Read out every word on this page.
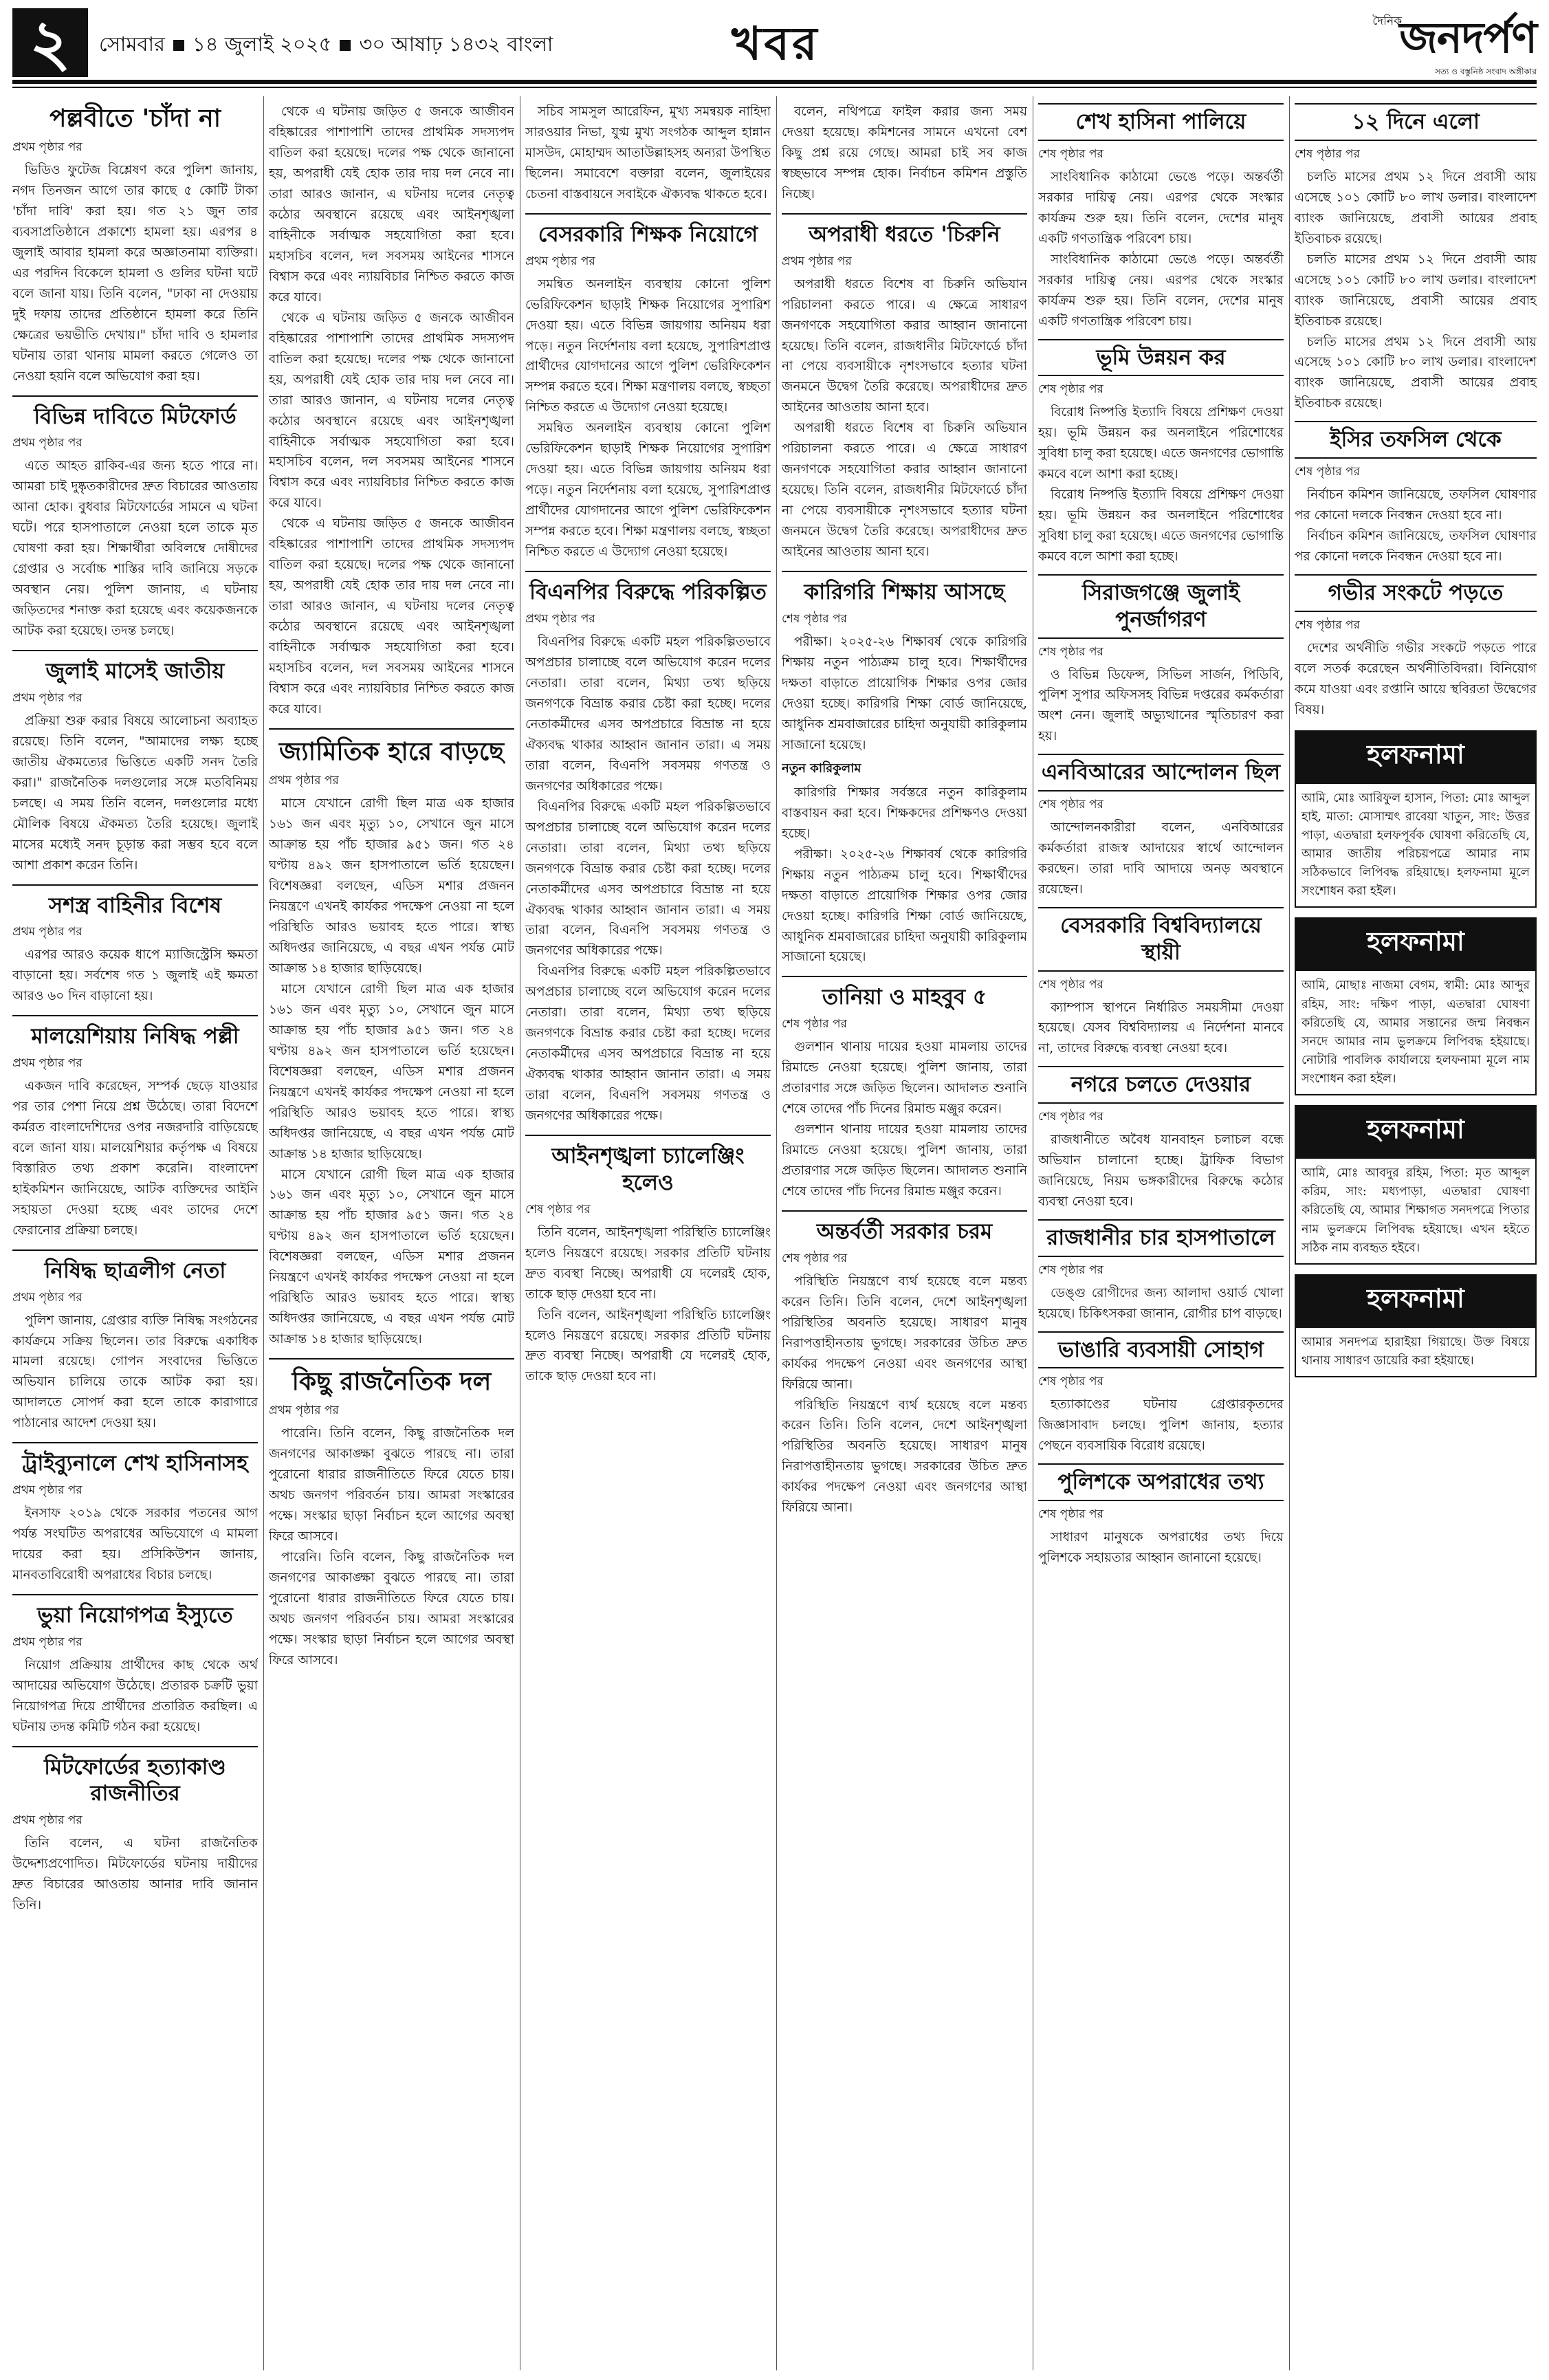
২	সোমবার ১৪ জুলাই ২০২৫ ৩০ আষাঢ় ১৪৩২ বাংলা	খবর	দৈনিক
জনদর্পণ
সত্য ও বস্তুনিষ্ঠ সংবাদ অঙ্গীকার
পল্লবীতে 'চাঁদা না
প্রথম পৃষ্ঠার পর

ভিডিও ফুটেজ বিশ্লেষণ করে পুলিশ জানায়, নগদ তিনজন আগে তার কাছে ৫ কোটি টাকা 'চাঁদা দাবি' করা হয়। গত ২১ জুন তার ব্যবসাপ্রতিষ্ঠানে প্রকাশ্যে হামলা হয়। এরপর ৪ জুলাই আবার হামলা করে অজ্ঞাতনামা ব্যক্তিরা। এর পরদিন বিকেলে হামলা ও গুলির ঘটনা ঘটে বলে জানা যায়। তিনি বলেন, "ঢাকা না দেওয়ায় দুই দফায় তাদের প্রতিষ্ঠানে হামলা করে তিনি ক্ষেত্রের ভয়ভীতি দেখায়।" চাঁদা দাবি ও হামলার ঘটনায় তারা থানায় মামলা করতে গেলেও তা নেওয়া হয়নি বলে অভিযোগ করা হয়।

বিভিন্ন দাবিতে মিটফোর্ড
প্রথম পৃষ্ঠার পর

এতে আহত রাকিব-এর জন্য হতে পারে না। আমরা চাই দুষ্কৃতকারীদের দ্রুত বিচারের আওতায় আনা হোক। বুধবার মিটফোর্ডের সামনে এ ঘটনা ঘটে। পরে হাসপাতালে নেওয়া হলে তাকে মৃত ঘোষণা করা হয়। শিক্ষার্থীরা অবিলম্বে দোষীদের গ্রেপ্তার ও সর্বোচ্চ শাস্তির দাবি জানিয়ে সড়কে অবস্থান নেয়। পুলিশ জানায়, এ ঘটনায় জড়িতদের শনাক্ত করা হয়েছে এবং কয়েকজনকে আটক করা হয়েছে। তদন্ত চলছে।

জুলাই মাসেই জাতীয়
প্রথম পৃষ্ঠার পর

প্রক্রিয়া শুরু করার বিষয়ে আলোচনা অব্যাহত রয়েছে। তিনি বলেন, "আমাদের লক্ষ্য হচ্ছে জাতীয় ঐকমত্যের ভিত্তিতে একটি সনদ তৈরি করা।" রাজনৈতিক দলগুলোর সঙ্গে মতবিনিময় চলছে। এ সময় তিনি বলেন, দলগুলোর মধ্যে মৌলিক বিষয়ে ঐকমত্য তৈরি হয়েছে। জুলাই মাসের মধ্যেই সনদ চূড়ান্ত করা সম্ভব হবে বলে আশা প্রকাশ করেন তিনি।

সশস্ত্র বাহিনীর বিশেষ
প্রথম পৃষ্ঠার পর

এরপর আরও কয়েক ধাপে ম্যাজিস্ট্রেসি ক্ষমতা বাড়ানো হয়। সর্বশেষ গত ১ জুলাই এই ক্ষমতা আরও ৬০ দিন বাড়ানো হয়।

মালয়েশিয়ায় নিষিদ্ধ পল্লী
প্রথম পৃষ্ঠার পর

একজন দাবি করেছেন, সম্পর্ক ছেড়ে যাওয়ার পর তার পেশা নিয়ে প্রশ্ন উঠেছে। তারা বিদেশে কর্মরত বাংলাদেশিদের ওপর নজরদারি বাড়িয়েছে বলে জানা যায়। মালয়েশিয়ার কর্তৃপক্ষ এ বিষয়ে বিস্তারিত তথ্য প্রকাশ করেনি। বাংলাদেশ হাইকমিশন জানিয়েছে, আটক ব্যক্তিদের আইনি সহায়তা দেওয়া হচ্ছে এবং তাদের দেশে ফেরানোর প্রক্রিয়া চলছে।

নিষিদ্ধ ছাত্রলীগ নেতা
প্রথম পৃষ্ঠার পর

পুলিশ জানায়, গ্রেপ্তার ব্যক্তি নিষিদ্ধ সংগঠনের কার্যক্রমে সক্রিয় ছিলেন। তার বিরুদ্ধে একাধিক মামলা রয়েছে। গোপন সংবাদের ভিত্তিতে অভিযান চালিয়ে তাকে আটক করা হয়। আদালতে সোপর্দ করা হলে তাকে কারাগারে পাঠানোর আদেশ দেওয়া হয়।

ট্রাইব্যুনালে শেখ হাসিনাসহ
প্রথম পৃষ্ঠার পর

ইনসাফ ২০১৯ থেকে সরকার পতনের আগ পর্যন্ত সংঘটিত অপরাধের অভিযোগে এ মামলা দায়ের করা হয়। প্রসিকিউশন জানায়, মানবতাবিরোধী অপরাধের বিচার চলছে।

ভুয়া নিয়োগপত্র ইস্যুতে
প্রথম পৃষ্ঠার পর

নিয়োগ প্রক্রিয়ায় প্রার্থীদের কাছ থেকে অর্থ আদায়ের অভিযোগ উঠেছে। প্রতারক চক্রটি ভুয়া নিয়োগপত্র দিয়ে প্রার্থীদের প্রতারিত করছিল। এ ঘটনায় তদন্ত কমিটি গঠন করা হয়েছে।

মিটফোর্ডের হত্যাকাণ্ড রাজনীতির
প্রথম পৃষ্ঠার পর

তিনি বলেন, এ ঘটনা রাজনৈতিক উদ্দেশ্যপ্রণোদিত। মিটফোর্ডের ঘটনায় দায়ীদের দ্রুত বিচারের আওতায় আনার দাবি জানান তিনি।

থেকে এ ঘটনায় জড়িত ৫ জনকে আজীবন বহিষ্কারের পাশাপাশি তাদের প্রাথমিক সদস্যপদ বাতিল করা হয়েছে। দলের পক্ষ থেকে জানানো হয়, অপরাধী যেই হোক তার দায় দল নেবে না। তারা আরও জানান, এ ঘটনায় দলের নেতৃত্ব কঠোর অবস্থানে রয়েছে এবং আইনশৃঙ্খলা বাহিনীকে সর্বাত্মক সহযোগিতা করা হবে। মহাসচিব বলেন, দল সবসময় আইনের শাসনে বিশ্বাস করে এবং ন্যায়বিচার নিশ্চিত করতে কাজ করে যাবে।

থেকে এ ঘটনায় জড়িত ৫ জনকে আজীবন বহিষ্কারের পাশাপাশি তাদের প্রাথমিক সদস্যপদ বাতিল করা হয়েছে। দলের পক্ষ থেকে জানানো হয়, অপরাধী যেই হোক তার দায় দল নেবে না। তারা আরও জানান, এ ঘটনায় দলের নেতৃত্ব কঠোর অবস্থানে রয়েছে এবং আইনশৃঙ্খলা বাহিনীকে সর্বাত্মক সহযোগিতা করা হবে। মহাসচিব বলেন, দল সবসময় আইনের শাসনে বিশ্বাস করে এবং ন্যায়বিচার নিশ্চিত করতে কাজ করে যাবে।

থেকে এ ঘটনায় জড়িত ৫ জনকে আজীবন বহিষ্কারের পাশাপাশি তাদের প্রাথমিক সদস্যপদ বাতিল করা হয়েছে। দলের পক্ষ থেকে জানানো হয়, অপরাধী যেই হোক তার দায় দল নেবে না। তারা আরও জানান, এ ঘটনায় দলের নেতৃত্ব কঠোর অবস্থানে রয়েছে এবং আইনশৃঙ্খলা বাহিনীকে সর্বাত্মক সহযোগিতা করা হবে। মহাসচিব বলেন, দল সবসময় আইনের শাসনে বিশ্বাস করে এবং ন্যায়বিচার নিশ্চিত করতে কাজ করে যাবে।

জ্যামিতিক হারে বাড়ছে
প্রথম পৃষ্ঠার পর

মাসে যেখানে রোগী ছিল মাত্র এক হাজার ১৬১ জন এবং মৃত্যু ১০, সেখানে জুন মাসে আক্রান্ত হয় পাঁচ হাজার ৯৫১ জন। গত ২৪ ঘণ্টায় ৪৯২ জন হাসপাতালে ভর্তি হয়েছেন। বিশেষজ্ঞরা বলছেন, এডিস মশার প্রজনন নিয়ন্ত্রণে এখনই কার্যকর পদক্ষেপ নেওয়া না হলে পরিস্থিতি আরও ভয়াবহ হতে পারে। স্বাস্থ্য অধিদপ্তর জানিয়েছে, এ বছর এখন পর্যন্ত মোট আক্রান্ত ১৪ হাজার ছাড়িয়েছে।

মাসে যেখানে রোগী ছিল মাত্র এক হাজার ১৬১ জন এবং মৃত্যু ১০, সেখানে জুন মাসে আক্রান্ত হয় পাঁচ হাজার ৯৫১ জন। গত ২৪ ঘণ্টায় ৪৯২ জন হাসপাতালে ভর্তি হয়েছেন। বিশেষজ্ঞরা বলছেন, এডিস মশার প্রজনন নিয়ন্ত্রণে এখনই কার্যকর পদক্ষেপ নেওয়া না হলে পরিস্থিতি আরও ভয়াবহ হতে পারে। স্বাস্থ্য অধিদপ্তর জানিয়েছে, এ বছর এখন পর্যন্ত মোট আক্রান্ত ১৪ হাজার ছাড়িয়েছে।

মাসে যেখানে রোগী ছিল মাত্র এক হাজার ১৬১ জন এবং মৃত্যু ১০, সেখানে জুন মাসে আক্রান্ত হয় পাঁচ হাজার ৯৫১ জন। গত ২৪ ঘণ্টায় ৪৯২ জন হাসপাতালে ভর্তি হয়েছেন। বিশেষজ্ঞরা বলছেন, এডিস মশার প্রজনন নিয়ন্ত্রণে এখনই কার্যকর পদক্ষেপ নেওয়া না হলে পরিস্থিতি আরও ভয়াবহ হতে পারে। স্বাস্থ্য অধিদপ্তর জানিয়েছে, এ বছর এখন পর্যন্ত মোট আক্রান্ত ১৪ হাজার ছাড়িয়েছে।

কিছু রাজনৈতিক দল
প্রথম পৃষ্ঠার পর

পারেনি। তিনি বলেন, কিছু রাজনৈতিক দল জনগণের আকাঙ্ক্ষা বুঝতে পারছে না। তারা পুরোনো ধারার রাজনীতিতে ফিরে যেতে চায়। অথচ জনগণ পরিবর্তন চায়। আমরা সংস্কারের পক্ষে। সংস্কার ছাড়া নির্বাচন হলে আগের অবস্থা ফিরে আসবে।

পারেনি। তিনি বলেন, কিছু রাজনৈতিক দল জনগণের আকাঙ্ক্ষা বুঝতে পারছে না। তারা পুরোনো ধারার রাজনীতিতে ফিরে যেতে চায়। অথচ জনগণ পরিবর্তন চায়। আমরা সংস্কারের পক্ষে। সংস্কার ছাড়া নির্বাচন হলে আগের অবস্থা ফিরে আসবে।

সচিব সামসুল আরেফিন, মুখ্য সমন্বয়ক নাহিদা সারওয়ার নিভা, যুগ্ম মুখ্য সংগঠক আব্দুল হান্নান মাসউদ, মোহাম্মদ আতাউল্লাহসহ অন্যরা উপস্থিত ছিলেন। সমাবেশে বক্তারা বলেন, জুলাইয়ের চেতনা বাস্তবায়নে সবাইকে ঐক্যবদ্ধ থাকতে হবে।

বেসরকারি শিক্ষক নিয়োগে
প্রথম পৃষ্ঠার পর

সমন্বিত অনলাইন ব্যবস্থায় কোনো পুলিশ ভেরিফিকেশন ছাড়াই শিক্ষক নিয়োগের সুপারিশ দেওয়া হয়। এতে বিভিন্ন জায়গায় অনিয়ম ধরা পড়ে। নতুন নির্দেশনায় বলা হয়েছে, সুপারিশপ্রাপ্ত প্রার্থীদের যোগদানের আগে পুলিশ ভেরিফিকেশন সম্পন্ন করতে হবে। শিক্ষা মন্ত্রণালয় বলছে, স্বচ্ছতা নিশ্চিত করতে এ উদ্যোগ নেওয়া হয়েছে।

সমন্বিত অনলাইন ব্যবস্থায় কোনো পুলিশ ভেরিফিকেশন ছাড়াই শিক্ষক নিয়োগের সুপারিশ দেওয়া হয়। এতে বিভিন্ন জায়গায় অনিয়ম ধরা পড়ে। নতুন নির্দেশনায় বলা হয়েছে, সুপারিশপ্রাপ্ত প্রার্থীদের যোগদানের আগে পুলিশ ভেরিফিকেশন সম্পন্ন করতে হবে। শিক্ষা মন্ত্রণালয় বলছে, স্বচ্ছতা নিশ্চিত করতে এ উদ্যোগ নেওয়া হয়েছে।

বিএনপির বিরুদ্ধে পরিকল্পিত
প্রথম পৃষ্ঠার পর

বিএনপির বিরুদ্ধে একটি মহল পরিকল্পিতভাবে অপপ্রচার চালাচ্ছে বলে অভিযোগ করেন দলের নেতারা। তারা বলেন, মিথ্যা তথ্য ছড়িয়ে জনগণকে বিভ্রান্ত করার চেষ্টা করা হচ্ছে। দলের নেতাকর্মীদের এসব অপপ্রচারে বিভ্রান্ত না হয়ে ঐক্যবদ্ধ থাকার আহ্বান জানান তারা। এ সময় তারা বলেন, বিএনপি সবসময় গণতন্ত্র ও জনগণের অধিকারের পক্ষে।

বিএনপির বিরুদ্ধে একটি মহল পরিকল্পিতভাবে অপপ্রচার চালাচ্ছে বলে অভিযোগ করেন দলের নেতারা। তারা বলেন, মিথ্যা তথ্য ছড়িয়ে জনগণকে বিভ্রান্ত করার চেষ্টা করা হচ্ছে। দলের নেতাকর্মীদের এসব অপপ্রচারে বিভ্রান্ত না হয়ে ঐক্যবদ্ধ থাকার আহ্বান জানান তারা। এ সময় তারা বলেন, বিএনপি সবসময় গণতন্ত্র ও জনগণের অধিকারের পক্ষে।

বিএনপির বিরুদ্ধে একটি মহল পরিকল্পিতভাবে অপপ্রচার চালাচ্ছে বলে অভিযোগ করেন দলের নেতারা। তারা বলেন, মিথ্যা তথ্য ছড়িয়ে জনগণকে বিভ্রান্ত করার চেষ্টা করা হচ্ছে। দলের নেতাকর্মীদের এসব অপপ্রচারে বিভ্রান্ত না হয়ে ঐক্যবদ্ধ থাকার আহ্বান জানান তারা। এ সময় তারা বলেন, বিএনপি সবসময় গণতন্ত্র ও জনগণের অধিকারের পক্ষে।

আইনশৃঙ্খলা চ্যালেঞ্জিং হলেও
শেষ পৃষ্ঠার পর

তিনি বলেন, আইনশৃঙ্খলা পরিস্থিতি চ্যালেঞ্জিং হলেও নিয়ন্ত্রণে রয়েছে। সরকার প্রতিটি ঘটনায় দ্রুত ব্যবস্থা নিচ্ছে। অপরাধী যে দলেরই হোক, তাকে ছাড় দেওয়া হবে না।

তিনি বলেন, আইনশৃঙ্খলা পরিস্থিতি চ্যালেঞ্জিং হলেও নিয়ন্ত্রণে রয়েছে। সরকার প্রতিটি ঘটনায় দ্রুত ব্যবস্থা নিচ্ছে। অপরাধী যে দলেরই হোক, তাকে ছাড় দেওয়া হবে না।

বলেন, নথিপত্রে ফাইল করার জন্য সময় দেওয়া হয়েছে। কমিশনের সামনে এখনো বেশ কিছু প্রশ্ন রয়ে গেছে। আমরা চাই সব কাজ স্বচ্ছভাবে সম্পন্ন হোক। নির্বাচন কমিশন প্রস্তুতি নিচ্ছে।

অপরাধী ধরতে 'চিরুনি
প্রথম পৃষ্ঠার পর

অপরাধী ধরতে বিশেষ বা চিরুনি অভিযান পরিচালনা করতে পারে। এ ক্ষেত্রে সাধারণ জনগণকে সহযোগিতা করার আহ্বান জানানো হয়েছে। তিনি বলেন, রাজধানীর মিটফোর্ডে চাঁদা না পেয়ে ব্যবসায়ীকে নৃশংসভাবে হত্যার ঘটনা জনমনে উদ্বেগ তৈরি করেছে। অপরাধীদের দ্রুত আইনের আওতায় আনা হবে।

অপরাধী ধরতে বিশেষ বা চিরুনি অভিযান পরিচালনা করতে পারে। এ ক্ষেত্রে সাধারণ জনগণকে সহযোগিতা করার আহ্বান জানানো হয়েছে। তিনি বলেন, রাজধানীর মিটফোর্ডে চাঁদা না পেয়ে ব্যবসায়ীকে নৃশংসভাবে হত্যার ঘটনা জনমনে উদ্বেগ তৈরি করেছে। অপরাধীদের দ্রুত আইনের আওতায় আনা হবে।

কারিগরি শিক্ষায় আসছে
শেষ পৃষ্ঠার পর

পরীক্ষা। ২০২৫-২৬ শিক্ষাবর্ষ থেকে কারিগরি শিক্ষায় নতুন পাঠ্যক্রম চালু হবে। শিক্ষার্থীদের দক্ষতা বাড়াতে প্রায়োগিক শিক্ষার ওপর জোর দেওয়া হচ্ছে। কারিগরি শিক্ষা বোর্ড জানিয়েছে, আধুনিক শ্রমবাজারের চাহিদা অনুযায়ী কারিকুলাম সাজানো হয়েছে।

নতুন কারিকুলাম

কারিগরি শিক্ষার সর্বস্তরে নতুন কারিকুলাম বাস্তবায়ন করা হবে। শিক্ষকদের প্রশিক্ষণও দেওয়া হচ্ছে।

পরীক্ষা। ২০২৫-২৬ শিক্ষাবর্ষ থেকে কারিগরি শিক্ষায় নতুন পাঠ্যক্রম চালু হবে। শিক্ষার্থীদের দক্ষতা বাড়াতে প্রায়োগিক শিক্ষার ওপর জোর দেওয়া হচ্ছে। কারিগরি শিক্ষা বোর্ড জানিয়েছে, আধুনিক শ্রমবাজারের চাহিদা অনুযায়ী কারিকুলাম সাজানো হয়েছে।

তানিয়া ও মাহবুব ৫
শেষ পৃষ্ঠার পর

গুলশান থানায় দায়ের হওয়া মামলায় তাদের রিমান্ডে নেওয়া হয়েছে। পুলিশ জানায়, তারা প্রতারণার সঙ্গে জড়িত ছিলেন। আদালত শুনানি শেষে তাদের পাঁচ দিনের রিমান্ড মঞ্জুর করেন।

গুলশান থানায় দায়ের হওয়া মামলায় তাদের রিমান্ডে নেওয়া হয়েছে। পুলিশ জানায়, তারা প্রতারণার সঙ্গে জড়িত ছিলেন। আদালত শুনানি শেষে তাদের পাঁচ দিনের রিমান্ড মঞ্জুর করেন।

অন্তর্বর্তী সরকার চরম
শেষ পৃষ্ঠার পর

পরিস্থিতি নিয়ন্ত্রণে ব্যর্থ হয়েছে বলে মন্তব্য করেন তিনি। তিনি বলেন, দেশে আইনশৃঙ্খলা পরিস্থিতির অবনতি হয়েছে। সাধারণ মানুষ নিরাপত্তাহীনতায় ভুগছে। সরকারের উচিত দ্রুত কার্যকর পদক্ষেপ নেওয়া এবং জনগণের আস্থা ফিরিয়ে আনা।

পরিস্থিতি নিয়ন্ত্রণে ব্যর্থ হয়েছে বলে মন্তব্য করেন তিনি। তিনি বলেন, দেশে আইনশৃঙ্খলা পরিস্থিতির অবনতি হয়েছে। সাধারণ মানুষ নিরাপত্তাহীনতায় ভুগছে। সরকারের উচিত দ্রুত কার্যকর পদক্ষেপ নেওয়া এবং জনগণের আস্থা ফিরিয়ে আনা।

শেখ হাসিনা পালিয়ে
শেষ পৃষ্ঠার পর

সাংবিধানিক কাঠামো ভেঙে পড়ে। অন্তর্বর্তী সরকার দায়িত্ব নেয়। এরপর থেকে সংস্কার কার্যক্রম শুরু হয়। তিনি বলেন, দেশের মানুষ একটি গণতান্ত্রিক পরিবেশ চায়।

সাংবিধানিক কাঠামো ভেঙে পড়ে। অন্তর্বর্তী সরকার দায়িত্ব নেয়। এরপর থেকে সংস্কার কার্যক্রম শুরু হয়। তিনি বলেন, দেশের মানুষ একটি গণতান্ত্রিক পরিবেশ চায়।

ভূমি উন্নয়ন কর
শেষ পৃষ্ঠার পর

বিরোধ নিষ্পত্তি ইত্যাদি বিষয়ে প্রশিক্ষণ দেওয়া হয়। ভূমি উন্নয়ন কর অনলাইনে পরিশোধের সুবিধা চালু করা হয়েছে। এতে জনগণের ভোগান্তি কমবে বলে আশা করা হচ্ছে।

বিরোধ নিষ্পত্তি ইত্যাদি বিষয়ে প্রশিক্ষণ দেওয়া হয়। ভূমি উন্নয়ন কর অনলাইনে পরিশোধের সুবিধা চালু করা হয়েছে। এতে জনগণের ভোগান্তি কমবে বলে আশা করা হচ্ছে।

সিরাজগঞ্জে জুলাই পুনর্জাগরণ
শেষ পৃষ্ঠার পর

ও বিভিন্ন ডিফেন্স, সিভিল সার্জন, পিডিবি, পুলিশ সুপার অফিসসহ বিভিন্ন দপ্তরের কর্মকর্তারা অংশ নেন। জুলাই অভ্যুত্থানের স্মৃতিচারণ করা হয়।

এনবিআরের আন্দোলন ছিল
শেষ পৃষ্ঠার পর

আন্দোলনকারীরা বলেন, এনবিআরের কর্মকর্তারা রাজস্ব আদায়ের স্বার্থে আন্দোলন করছেন। তারা দাবি আদায়ে অনড় অবস্থানে রয়েছেন।

বেসরকারি বিশ্ববিদ্যালয়ে স্থায়ী
শেষ পৃষ্ঠার পর

ক্যাম্পাস স্থাপনে নির্ধারিত সময়সীমা দেওয়া হয়েছে। যেসব বিশ্ববিদ্যালয় এ নির্দেশনা মানবে না, তাদের বিরুদ্ধে ব্যবস্থা নেওয়া হবে।

নগরে চলতে দেওয়ার
শেষ পৃষ্ঠার পর

রাজধানীতে অবৈধ যানবাহন চলাচল বন্ধে অভিযান চালানো হচ্ছে। ট্রাফিক বিভাগ জানিয়েছে, নিয়ম ভঙ্গকারীদের বিরুদ্ধে কঠোর ব্যবস্থা নেওয়া হবে।

রাজধানীর চার হাসপাতালে
শেষ পৃষ্ঠার পর

ডেঙ্গু রোগীদের জন্য আলাদা ওয়ার্ড খোলা হয়েছে। চিকিৎসকরা জানান, রোগীর চাপ বাড়ছে।

ভাঙারি ব্যবসায়ী সোহাগ
শেষ পৃষ্ঠার পর

হত্যাকাণ্ডের ঘটনায় গ্রেপ্তারকৃতদের জিজ্ঞাসাবাদ চলছে। পুলিশ জানায়, হত্যার পেছনে ব্যবসায়িক বিরোধ রয়েছে।

পুলিশকে অপরাধের তথ্য
শেষ পৃষ্ঠার পর

সাধারণ মানুষকে অপরাধের তথ্য দিয়ে পুলিশকে সহায়তার আহ্বান জানানো হয়েছে।

১২ দিনে এলো
শেষ পৃষ্ঠার পর

চলতি মাসের প্রথম ১২ দিনে প্রবাসী আয় এসেছে ১০১ কোটি ৮০ লাখ ডলার। বাংলাদেশ ব্যাংক জানিয়েছে, প্রবাসী আয়ের প্রবাহ ইতিবাচক রয়েছে।

চলতি মাসের প্রথম ১২ দিনে প্রবাসী আয় এসেছে ১০১ কোটি ৮০ লাখ ডলার। বাংলাদেশ ব্যাংক জানিয়েছে, প্রবাসী আয়ের প্রবাহ ইতিবাচক রয়েছে।

চলতি মাসের প্রথম ১২ দিনে প্রবাসী আয় এসেছে ১০১ কোটি ৮০ লাখ ডলার। বাংলাদেশ ব্যাংক জানিয়েছে, প্রবাসী আয়ের প্রবাহ ইতিবাচক রয়েছে।

ইসির তফসিল থেকে
শেষ পৃষ্ঠার পর

নির্বাচন কমিশন জানিয়েছে, তফসিল ঘোষণার পর কোনো দলকে নিবন্ধন দেওয়া হবে না।

নির্বাচন কমিশন জানিয়েছে, তফসিল ঘোষণার পর কোনো দলকে নিবন্ধন দেওয়া হবে না।

গভীর সংকটে পড়তে
শেষ পৃষ্ঠার পর

দেশের অর্থনীতি গভীর সংকটে পড়তে পারে বলে সতর্ক করেছেন অর্থনীতিবিদরা। বিনিয়োগ কমে যাওয়া এবং রপ্তানি আয়ে স্থবিরতা উদ্বেগের বিষয়।

হলফনামা
আমি, মোঃ আরিফুল হাসান, পিতা: মোঃ আব্দুল হাই, মাতা: মোসাম্মৎ রাবেয়া খাতুন, সাং: উত্তর পাড়া, এতদ্বারা হলফপূর্বক ঘোষণা করিতেছি যে, আমার জাতীয় পরিচয়পত্রে আমার নাম সঠিকভাবে লিপিবদ্ধ রহিয়াছে। হলফনামা মূলে সংশোধন করা হইল।
হলফনামা
আমি, মোছাঃ নাজমা বেগম, স্বামী: মোঃ আব্দুর রহিম, সাং: দক্ষিণ পাড়া, এতদ্বারা ঘোষণা করিতেছি যে, আমার সন্তানের জন্ম নিবন্ধন সনদে আমার নাম ভুলক্রমে লিপিবদ্ধ হইয়াছে। নোটারি পাবলিক কার্যালয়ে হলফনামা মূলে নাম সংশোধন করা হইল।
হলফনামা
আমি, মোঃ আবদুর রহিম, পিতা: মৃত আব্দুল করিম, সাং: মধ্যপাড়া, এতদ্বারা ঘোষণা করিতেছি যে, আমার শিক্ষাগত সনদপত্রে পিতার নাম ভুলক্রমে লিপিবদ্ধ হইয়াছে। এখন হইতে সঠিক নাম ব্যবহৃত হইবে।
হলফনামা
আমার সনদপত্র হারাইয়া গিয়াছে। উক্ত বিষয়ে থানায় সাধারণ ডায়েরি করা হইয়াছে।
